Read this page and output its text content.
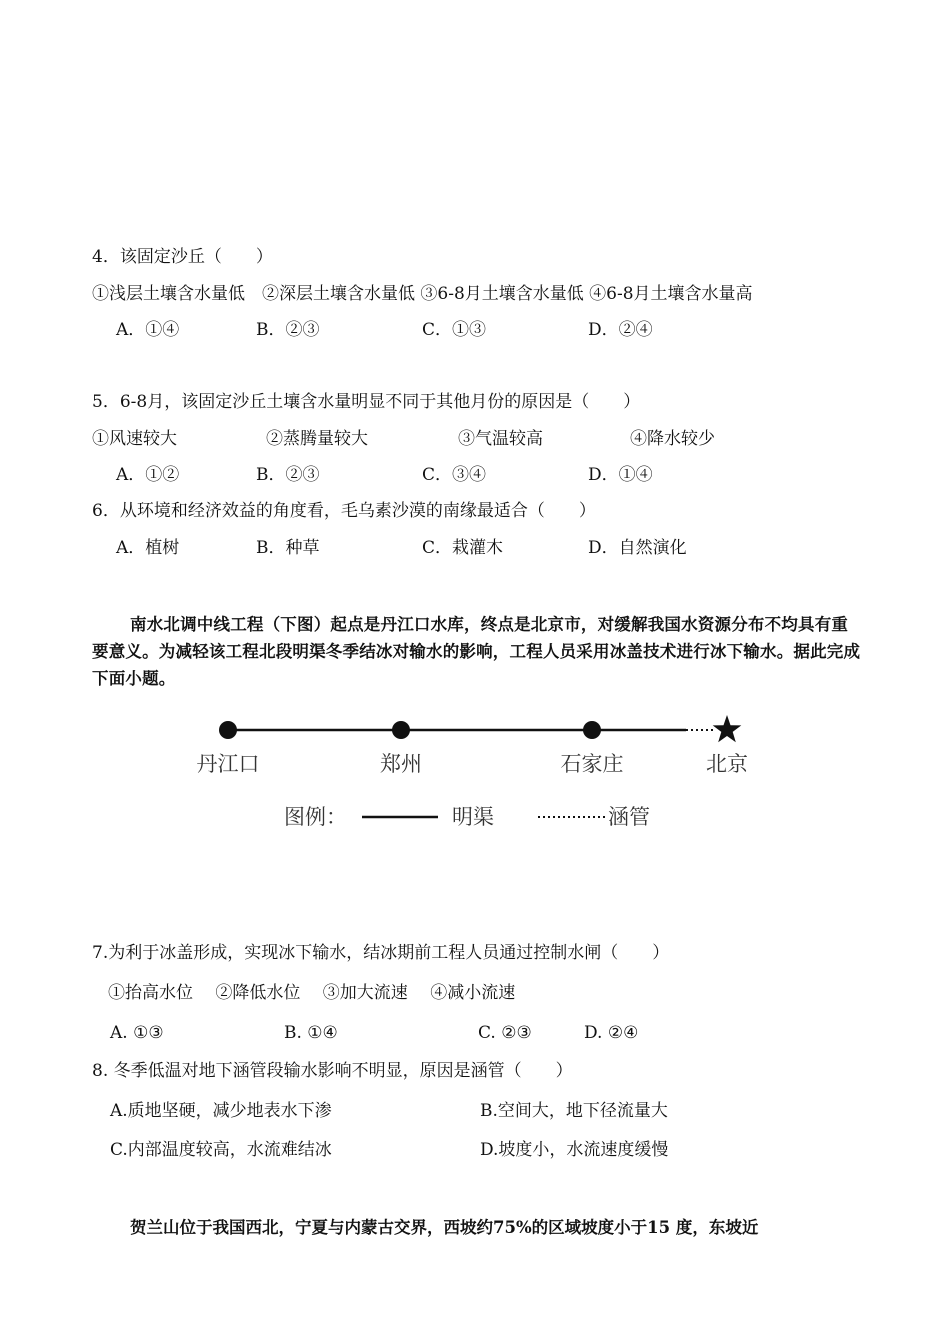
4．该固定沙丘（　　）
①浅层土壤含水量低　②深层土壤含水量低 ③6-8月土壤含水量低 ④6-8月土壤含水量高
A．①④	B．②③	C．①③	D．②④
5．6-8月，该固定沙丘土壤含水量明显不同于其他月份的原因是（　　）
①风速较大	②蒸腾量较大	③气温较高	④降水较少
A．①②	B．②③	C．③④	D．①④
6．从环境和经济效益的角度看，毛乌素沙漠的南缘最适合（　　）
A．植树	B．种草	C．栽灌木	D．自然演化
南水北调中线工程（下图）起点是丹江口水库，终点是北京市，对缓解我国水资源分布不均具有重要意义。为减轻该工程北段明渠冬季结冰对输水的影响，工程人员采用冰盖技术进行冰下输水。据此完成下面小题。
丹江口	郑州	石家庄	北京
图例：	明渠	涵管
7.为利于冰盖形成，实现冰下输水，结冰期前工程人员通过控制水闸（　　）
①抬高水位　 ②降低水位　 ③加大流速　 ④减小流速
A. ①③	B. ①④	C. ②③	D. ②④
8. 冬季低温对地下涵管段输水影响不明显，原因是涵管（　　）
A.质地坚硬，减少地表水下渗	B.空间大，地下径流量大
C.内部温度较高，水流难结冰	D.坡度小，水流速度缓慢
贺兰山位于我国西北，宁夏与内蒙古交界，西坡约75%的区域坡度小于15 度，东坡近
